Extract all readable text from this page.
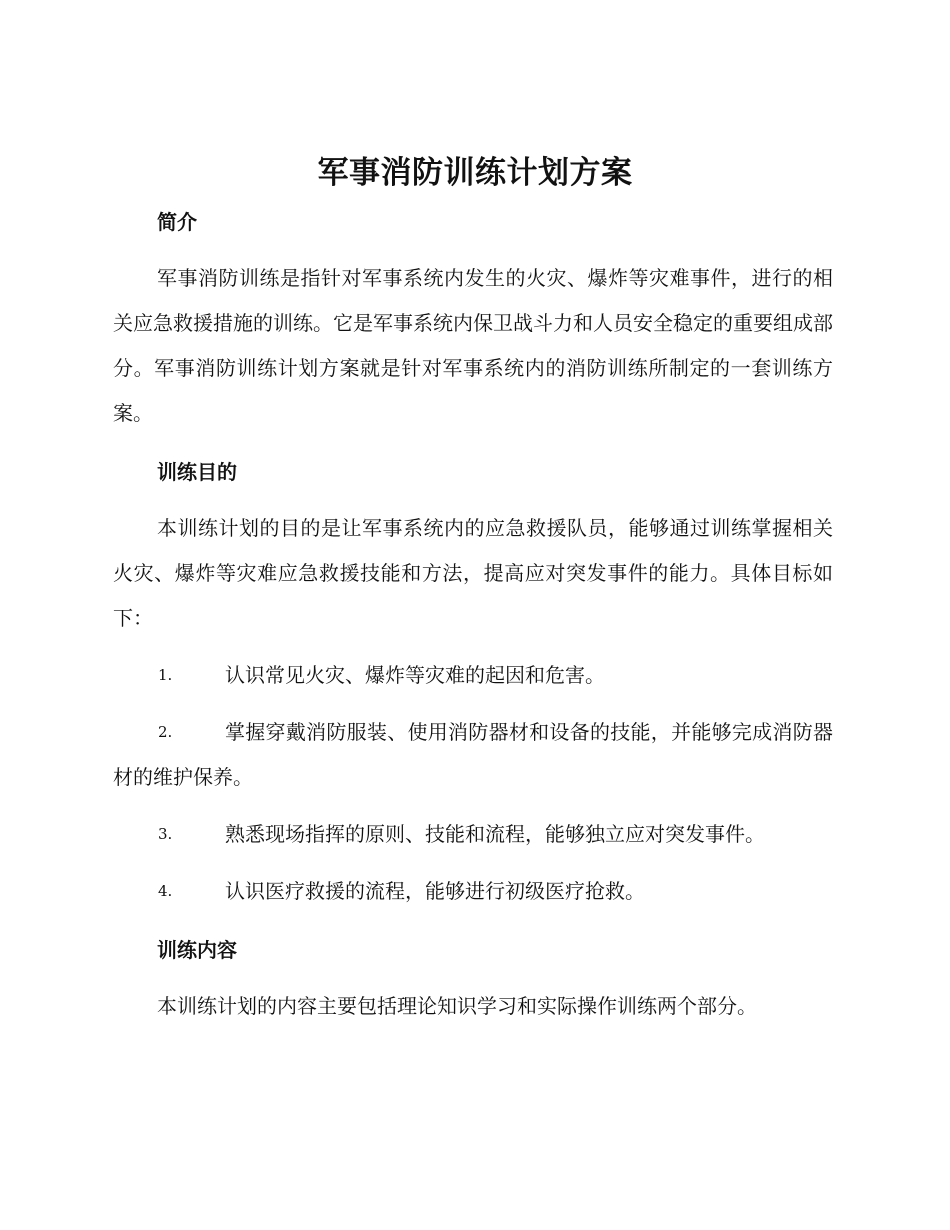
军事消防训练计划方案
简介

军事消防训练是指针对军事系统内发生的火灾、爆炸等灾难事件，进行的相关应急救援措施的训练。它是军事系统内保卫战斗力和人员安全稳定的重要组成部分。军事消防训练计划方案就是针对军事系统内的消防训练所制定的一套训练方案。

训练目的

本训练计划的目的是让军事系统内的应急救援队员，能够通过训练掌握相关火灾、爆炸等灾难应急救援技能和方法，提高应对突发事件的能力。具体目标如下：

1.	认识常见火灾、爆炸等灾难的起因和危害。
2.	掌握穿戴消防服装、使用消防器材和设备的技能，并能够完成消防器材的维护保养。
3.	熟悉现场指挥的原则、技能和流程，能够独立应对突发事件。
4.	认识医疗救援的流程，能够进行初级医疗抢救。
训练内容

本训练计划的内容主要包括理论知识学习和实际操作训练两个部分。
